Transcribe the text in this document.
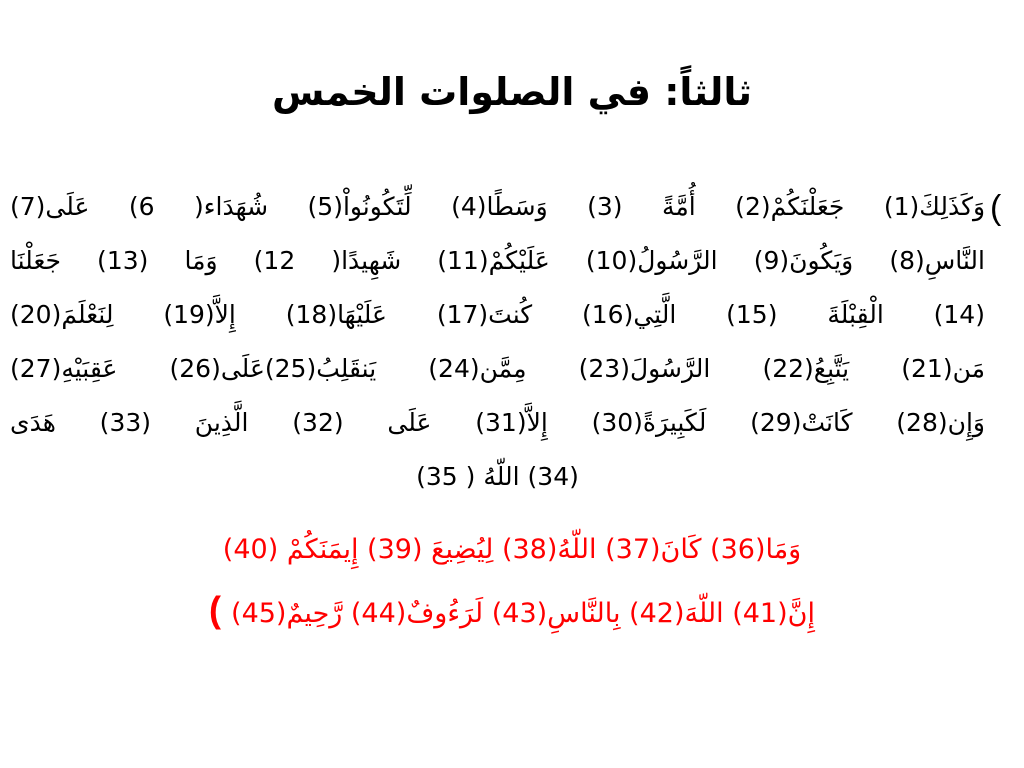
ثالثاً: في الصلوات الخمس
(
وَكَذَلِكَ(1) جَعَلْنَكُمْ(2) أُمَّةً (3) وَسَطًا(4) لِّتَكُونُواْ(5) شُهَدَاء( 6) عَلَى(7)
النَّاسِ(8) وَيَكُونَ(9) الرَّسُولُ(10) عَلَيْكُمْ(11) شَهِيدًا( 12) وَمَا (13) جَعَلْنَا
(14) الْقِبْلَةَ (15) الَّتِي(16) كُنتَ(17) عَلَيْهَا(18) إِلاَّ(19) لِنَعْلَمَ(20)
مَن(21) يَتَّبِعُ(22) الرَّسُولَ(23) مِمَّن(24) يَنقَلِبُ(25)عَلَى(26) عَقِبَيْهِ(27)
وَإِن(28) كَانَتْ(29) لَكَبِيرَةً(30) إِلاَّ(31) عَلَى (32) الَّذِينَ (33) هَدَى
(34) اللّهُ ( 35)
وَمَا(36) كَانَ(37) اللّهُ(38) لِيُضِيعَ (39) إِيمَنَكُمْ (40)
إِنَّ(41) اللّهَ(42) بِالنَّاسِ(43) لَرَءُوفٌ(44) رَّحِيمٌ(45))
